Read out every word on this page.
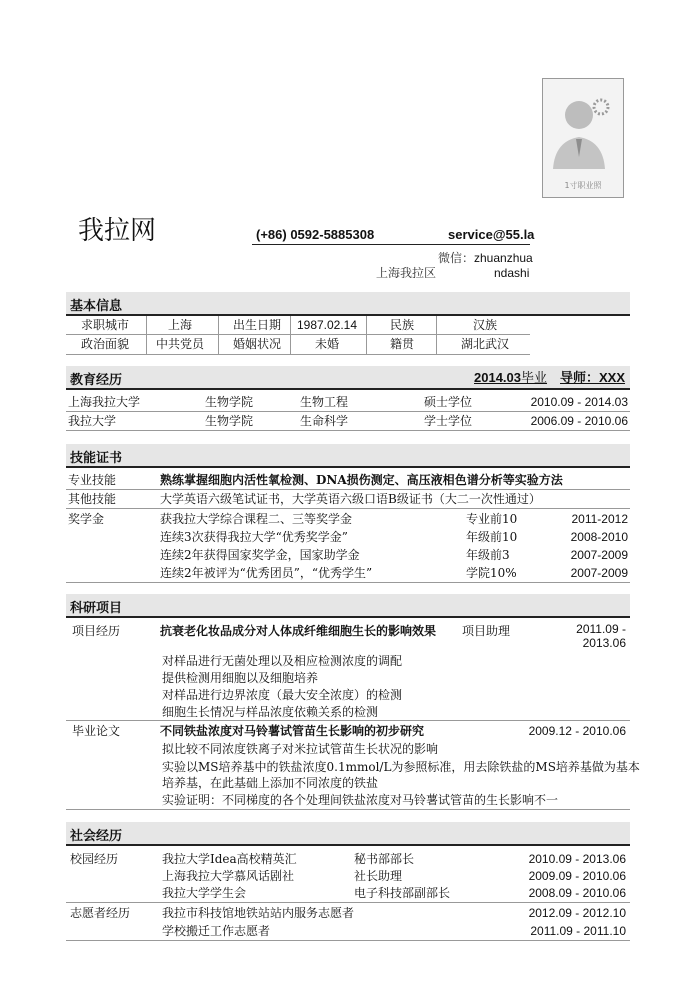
1寸职业照
我拉网	(+86) 0592-5885308	service@55.la
微信： zhuanzhua
上海我拉区	ndashi
基本信息
求职城市	上海	出生日期	1987.02.14	民族	汉族
政治面貌	中共党员	婚姻状况	未婚	籍贯	湖北武汉
教育经历	2014.03毕业 导师：XXX
上海我拉大学	生物学院	生物工程	硕士学位	2010.09 - 2014.03
我拉大学	生物学院	生命科学	学士学位	2006.09 - 2010.06
技能证书
专业技能	熟练掌握细胞内活性氧检测、DNA损伤测定、高压液相色谱分析等实验方法
其他技能	大学英语六级笔试证书，大学英语六级口语B级证书（大二一次性通过）
奖学金	获我拉大学综合课程二、三等奖学金	专业前10	2011-2012
连续3次获得我拉大学“优秀奖学金”	年级前10	2008-2010
连续2年获得国家奖学金，国家助学金	年级前3	2007-2009
连续2年被评为“优秀团员”，“优秀学生”	学院10%	2007-2009
科研项目
项目经历	抗衰老化妆品成分对人体成纤维细胞生长的影响效果 项目助理	2011.09 -
2013.06
对样品进行无菌处理以及相应检测浓度的调配
提供检测用细胞以及细胞培养
对样品进行边界浓度（最大安全浓度）的检测
细胞生长情况与样品浓度依赖关系的检测
毕业论文	不同铁盐浓度对马铃薯试管苗生长影响的初步研究	2009.12 - 2010.06
拟比较不同浓度铁离子对米拉试管苗生长状况的影响
实验以MS培养基中的铁盐浓度0.1mmol/L为参照标准，用去除铁盐的MS培养基做为基本
培养基，在此基础上添加不同浓度的铁盐
实验证明：不同梯度的各个处理间铁盐浓度对马铃薯试管苗的生长影响不一
社会经历
校园经历	我拉大学Idea高校精英汇	秘书部部长	2010.09 - 2013.06
上海我拉大学慕风话剧社	社长助理	2009.09 - 2010.06
我拉大学学生会	电子科技部副部长	2008.09 - 2010.06
志愿者经历	我拉市科技馆地铁站站内服务志愿者	2012.09 - 2012.10
学校搬迁工作志愿者	2011.09 - 2011.10
